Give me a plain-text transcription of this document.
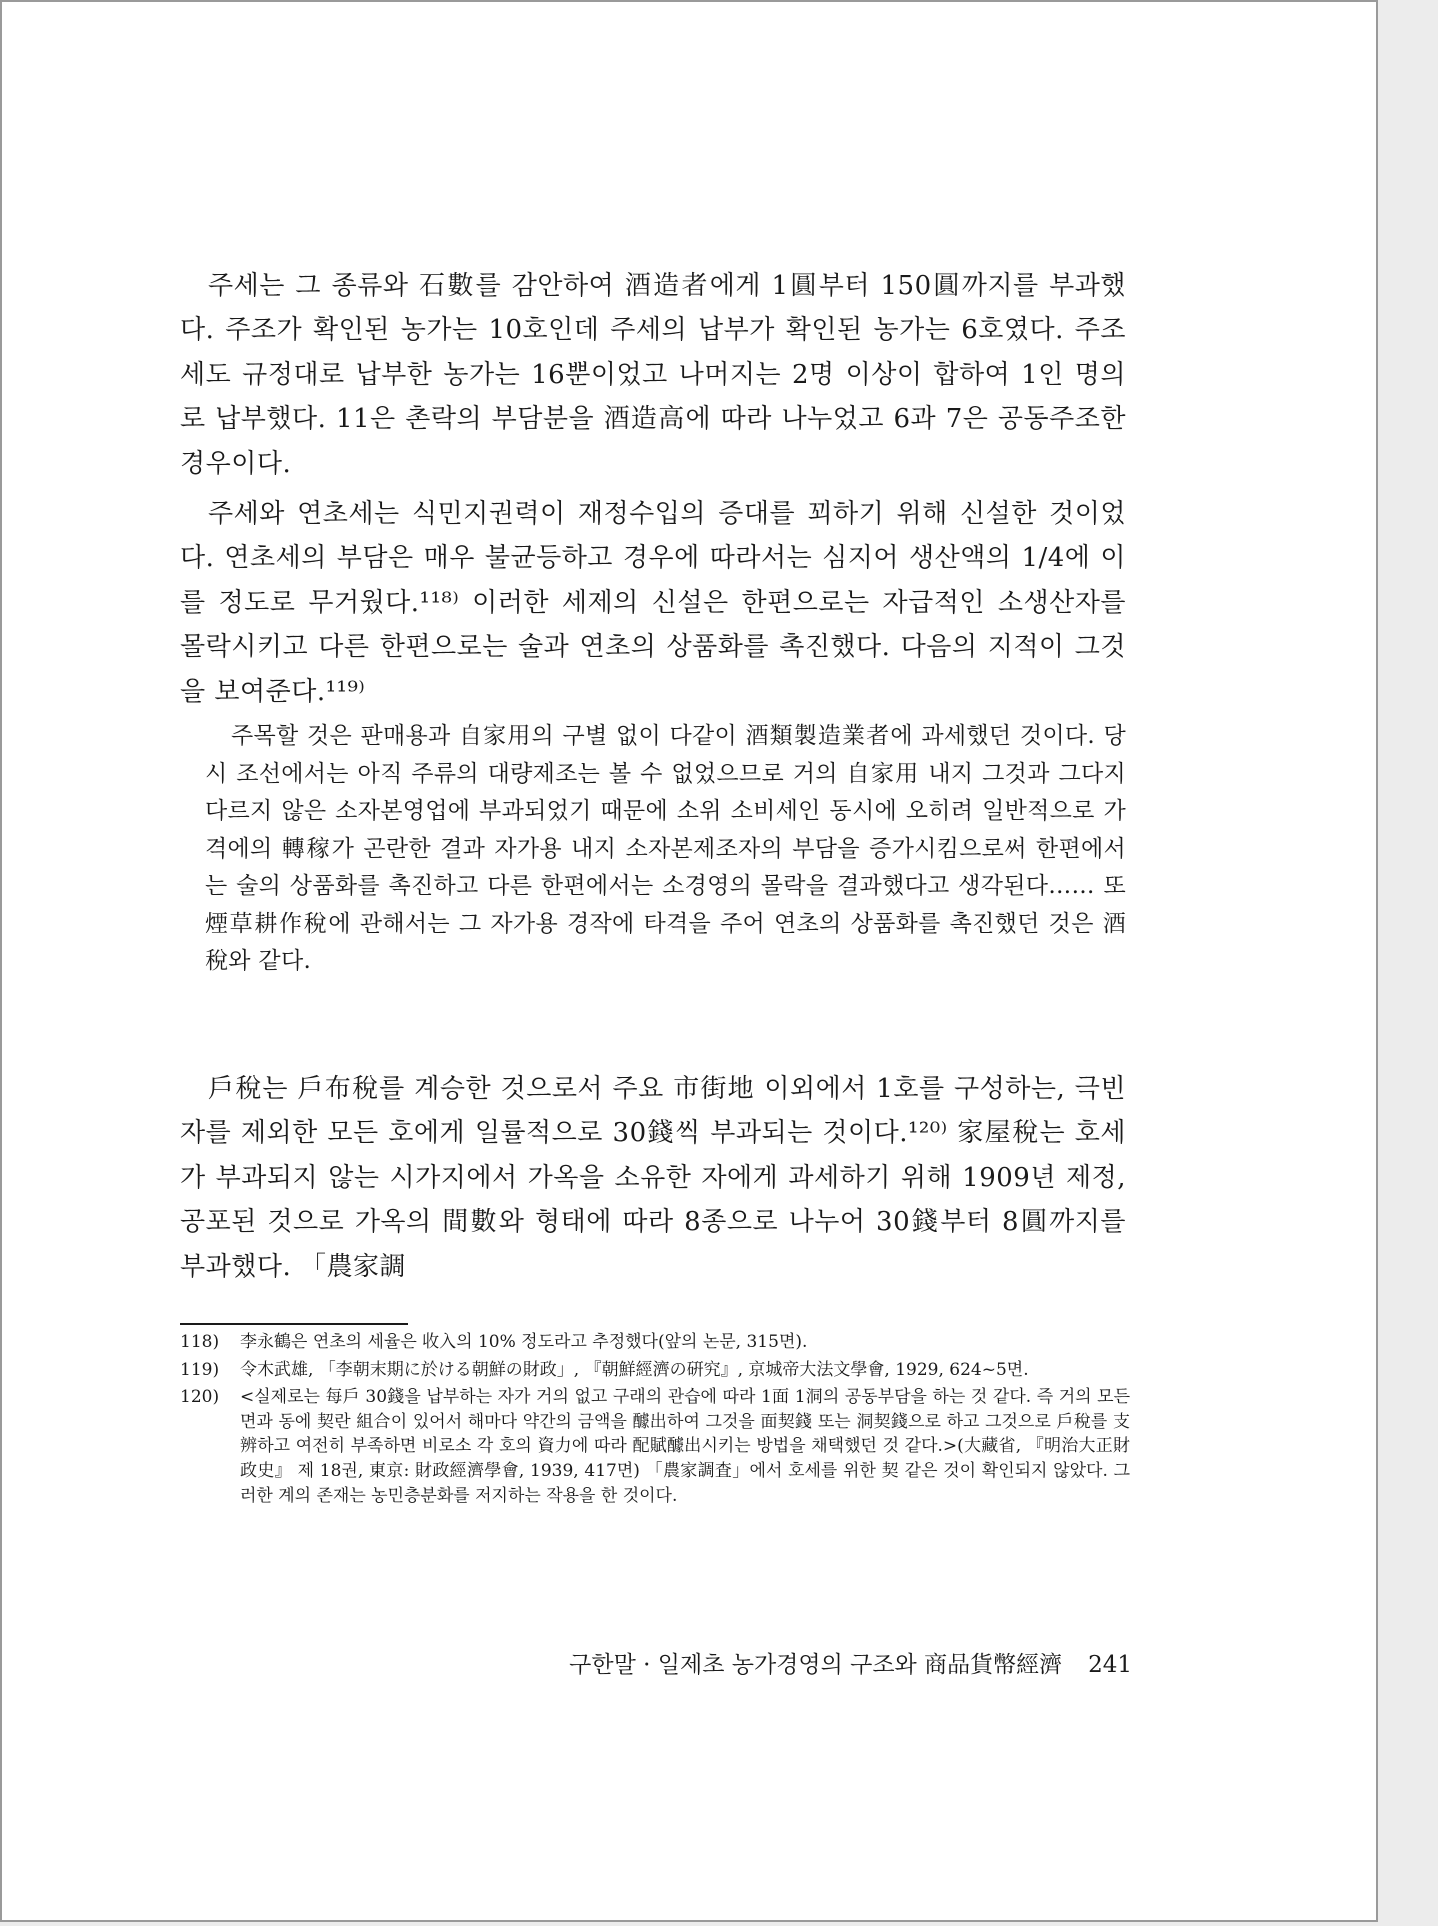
주세는 그 종류와 石數를 감안하여 酒造者에게 1圓부터 150圓까지를 부과했다. 주조가 확인된 농가는 10호인데 주세의 납부가 확인된 농가는 6호였다. 주조세도 규정대로 납부한 농가는 16뿐이었고 나머지는 2명 이상이 합하여 1인 명의로 납부했다. 11은 촌락의 부담분을 酒造高에 따라 나누었고 6과 7은 공동주조한 경우이다.

주세와 연초세는 식민지권력이 재정수입의 증대를 꾀하기 위해 신설한 것이었다. 연초세의 부담은 매우 불균등하고 경우에 따라서는 심지어 생산액의 1/4에 이를 정도로 무거웠다.¹¹⁸⁾ 이러한 세제의 신설은 한편으로는 자급적인 소생산자를 몰락시키고 다른 한편으로는 술과 연초의 상품화를 촉진했다. 다음의 지적이 그것을 보여준다.¹¹⁹⁾

주목할 것은 판매용과 自家用의 구별 없이 다같이 酒類製造業者에 과세했던 것이다. 당시 조선에서는 아직 주류의 대량제조는 볼 수 없었으므로 거의 自家用 내지 그것과 그다지 다르지 않은 소자본영업에 부과되었기 때문에 소위 소비세인 동시에 오히려 일반적으로 가격에의 轉稼가 곤란한 결과 자가용 내지 소자본제조자의 부담을 증가시킴으로써 한편에서는 술의 상품화를 촉진하고 다른 한편에서는 소경영의 몰락을 결과했다고 생각된다…… 또 煙草耕作稅에 관해서는 그 자가용 경작에 타격을 주어 연초의 상품화를 촉진했던 것은 酒稅와 같다.

戶稅는 戶布稅를 계승한 것으로서 주요 市街地 이외에서 1호를 구성하는, 극빈자를 제외한 모든 호에게 일률적으로 30錢씩 부과되는 것이다.¹²⁰⁾ 家屋稅는 호세가 부과되지 않는 시가지에서 가옥을 소유한 자에게 과세하기 위해 1909년 제정, 공포된 것으로 가옥의 間數와 형태에 따라 8종으로 나누어 30錢부터 8圓까지를 부과했다. 「農家調

118)	李永鶴은 연초의 세율은 收入의 10% 정도라고 추정했다(앞의 논문, 315면).
119)	令木武雄, 「李朝末期に於ける朝鮮の財政」, 『朝鮮經濟の硏究』, 京城帝大法文學會, 1929, 624~5면.
120)	<실제로는 每戶 30錢을 납부하는 자가 거의 없고 구래의 관습에 따라 1面 1洞의 공동부담을 하는 것 같다. 즉 거의 모든 면과 동에 契란 組合이 있어서 해마다 약간의 금액을 醵出하여 그것을 面契錢 또는 洞契錢으로 하고 그것으로 戶稅를 支辨하고 여전히 부족하면 비로소 각 호의 資力에 따라 配賦醵出시키는 방법을 채택했던 것 같다.>(大藏省, 『明治大正財政史』 제 18권, 東京: 財政經濟學會, 1939, 417면) 「農家調査」에서 호세를 위한 契 같은 것이 확인되지 않았다. 그러한 계의 존재는 농민층분화를 저지하는 작용을 한 것이다.
구한말 · 일제초 농가경영의 구조와 商品貨幣經濟 241
